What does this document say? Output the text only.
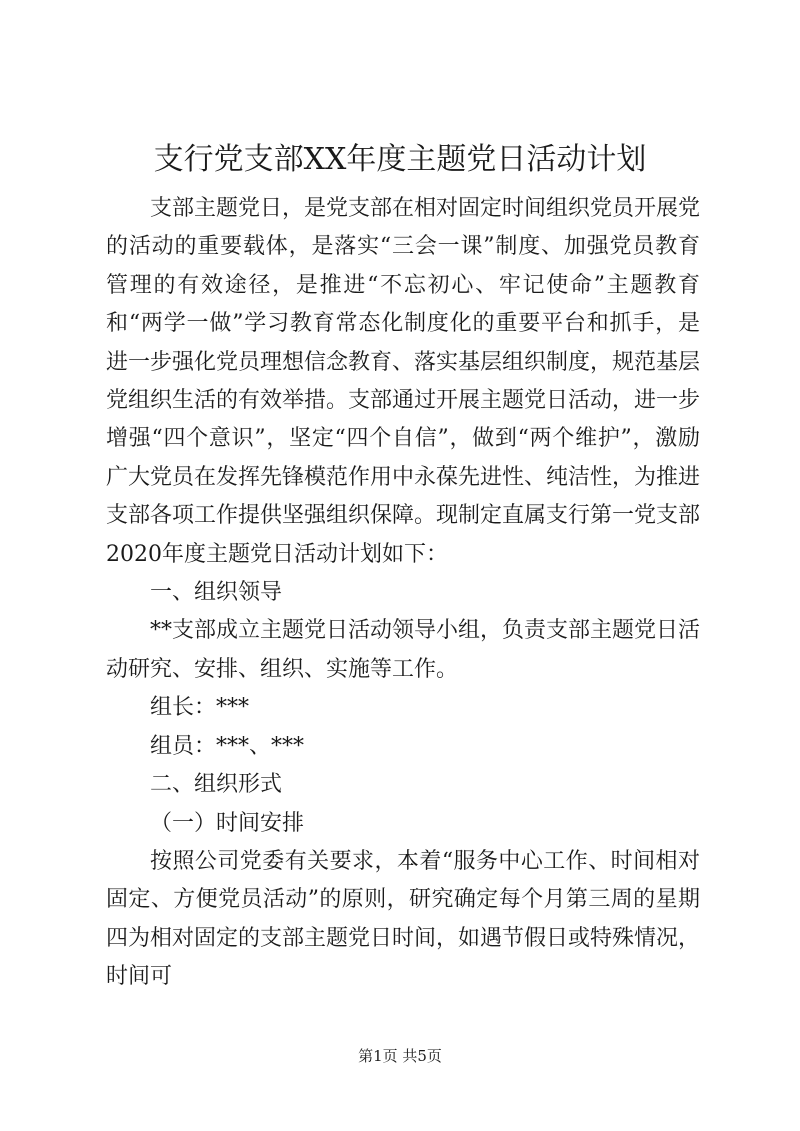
支行党支部XX年度主题党日活动计划

支部主题党日，是党支部在相对固定时间组织党员开展党的活动的重要载体，是落实“三会一课”制度、加强党员教育管理的有效途径，是推进“不忘初心、牢记使命”主题教育和“两学一做”学习教育常态化制度化的重要平台和抓手，是进一步强化党员理想信念教育、落实基层组织制度，规范基层党组织生活的有效举措。支部通过开展主题党日活动，进一步增强“四个意识”，坚定“四个自信”，做到“两个维护”，激励广大党员在发挥先锋模范作用中永葆先进性、纯洁性，为推进支部各项工作提供坚强组织保障。现制定直属支行第一党支部2020年度主题党日活动计划如下：

一、组织领导

**支部成立主题党日活动领导小组，负责支部主题党日活动研究、安排、组织、实施等工作。

组长：***

组员：***、***

二、组织形式

（一）时间安排

按照公司党委有关要求，本着“服务中心工作、时间相对固定、方便党员活动”的原则，研究确定每个月第三周的星期四为相对固定的支部主题党日时间，如遇节假日或特殊情况，时间可

第1页 共5页
